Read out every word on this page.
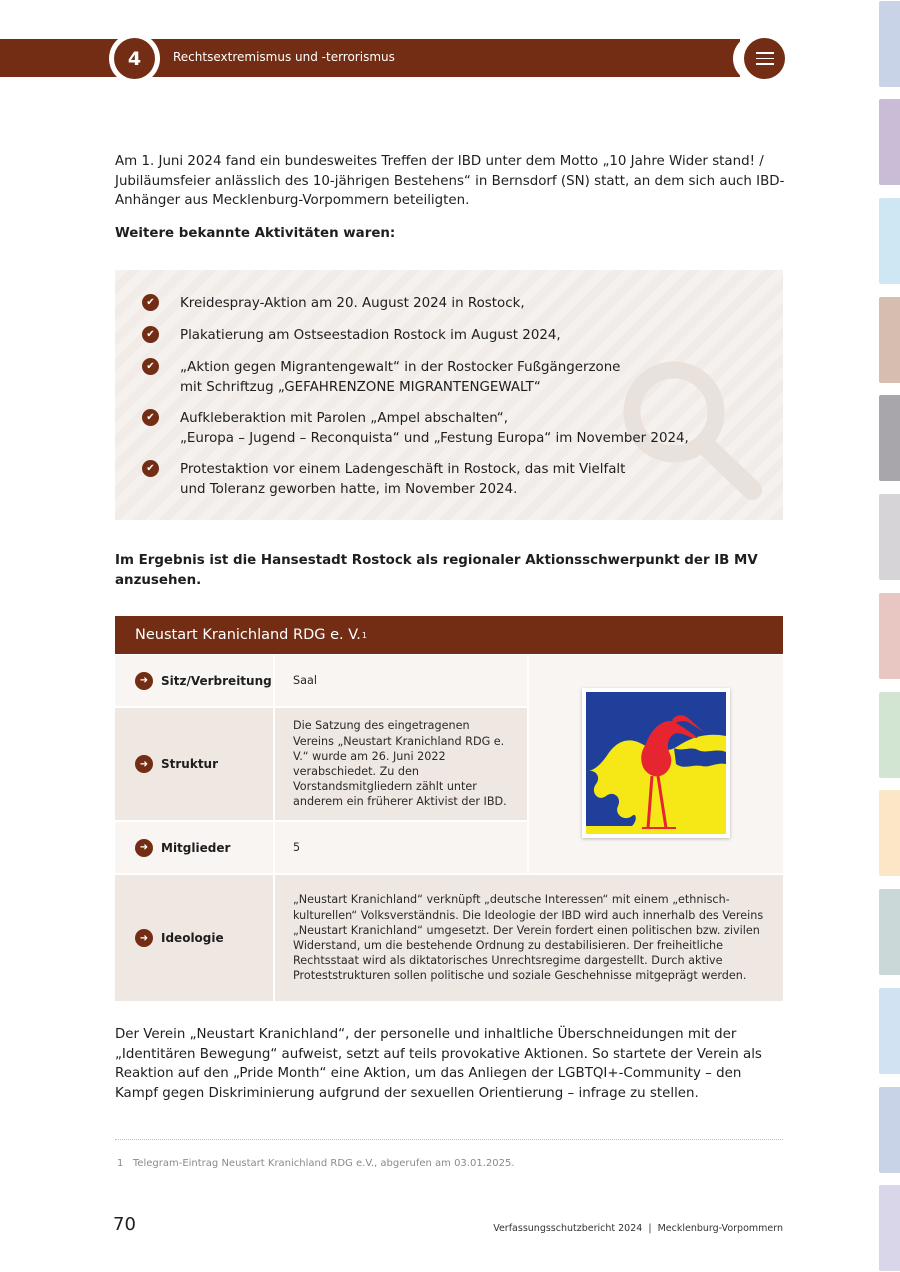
4	Rechtsextremismus und -terrorismus
Am 1. Juni 2024 fand ein bundesweites Treffen der IBD unter dem Motto „10 Jahre Wider stand! / Jubiläumsfeier anlässlich des 10-jährigen Bestehens“ in Bernsdorf (SN) statt, an dem sich auch IBD-Anhänger aus Mecklenburg-Vorpommern beteiligten.
Weitere bekannte Aktivitäten waren:
✔	Kreidespray-Aktion am 20. August 2024 in Rostock,
✔	Plakatierung am Ostseestadion Rostock im August 2024,
✔	„Aktion gegen Migrantengewalt“ in der Rostocker Fußgängerzone
mit Schriftzug „GEFAHRENZONE MIGRANTENGEWALT“
✔	Aufkleberaktion mit Parolen „Ampel abschalten“,
„Europa – Jugend – Reconquista“ und „Festung Europa“ im November 2024,
✔	Protestaktion vor einem Ladengeschäft in Rostock, das mit Vielfalt
und Toleranz geworben hatte, im November 2024.
Im Ergebnis ist die Hansestadt Rostock als regionaler Aktionsschwerpunkt der IB MV anzusehen.
Neustart Kranichland RDG e. V. 1
➜	Sitz/Verbreitung	Saal
➜	Struktur
Die Satzung des eingetragenen Vereins „Neustart Kranichland RDG e. V.“ wurde am 26. Juni 2022 verabschiedet. Zu den Vorstandsmitgliedern zählt unter anderem ein früherer Aktivist der IBD.
➜	Mitglieder	5
➜	Ideologie
„Neustart Kranichland“ verknüpft „deutsche Interessen“ mit einem „ethnisch-kulturellen“ Volksverständnis. Die Ideologie der IBD wird auch innerhalb des Vereins „Neustart Kranichland“ umgesetzt. Der Verein fordert einen politischen bzw. zivilen Widerstand, um die bestehende Ordnung zu destabilisieren. Der freiheitliche Rechtsstaat wird als diktatorisches Unrechtsregime dargestellt. Durch aktive Proteststrukturen sollen politische und soziale Geschehnisse mitgeprägt werden.
Der Verein „Neustart Kranichland“, der personelle und inhaltliche Überschneidungen mit der „Identitären Bewegung“ aufweist, setzt auf teils provokative Aktionen. So startete der Verein als Reaktion auf den „Pride Month“ eine Aktion, um das Anliegen der LGBTQI+-Community – den Kampf gegen Diskriminierung aufgrund der sexuellen Orientierung – infrage zu stellen.
1   Telegram-Eintrag Neustart Kranichland RDG e.V., abgerufen am 03.01.2025.
70	Verfassungsschutzbericht 2024  |  Mecklenburg-Vorpommern
